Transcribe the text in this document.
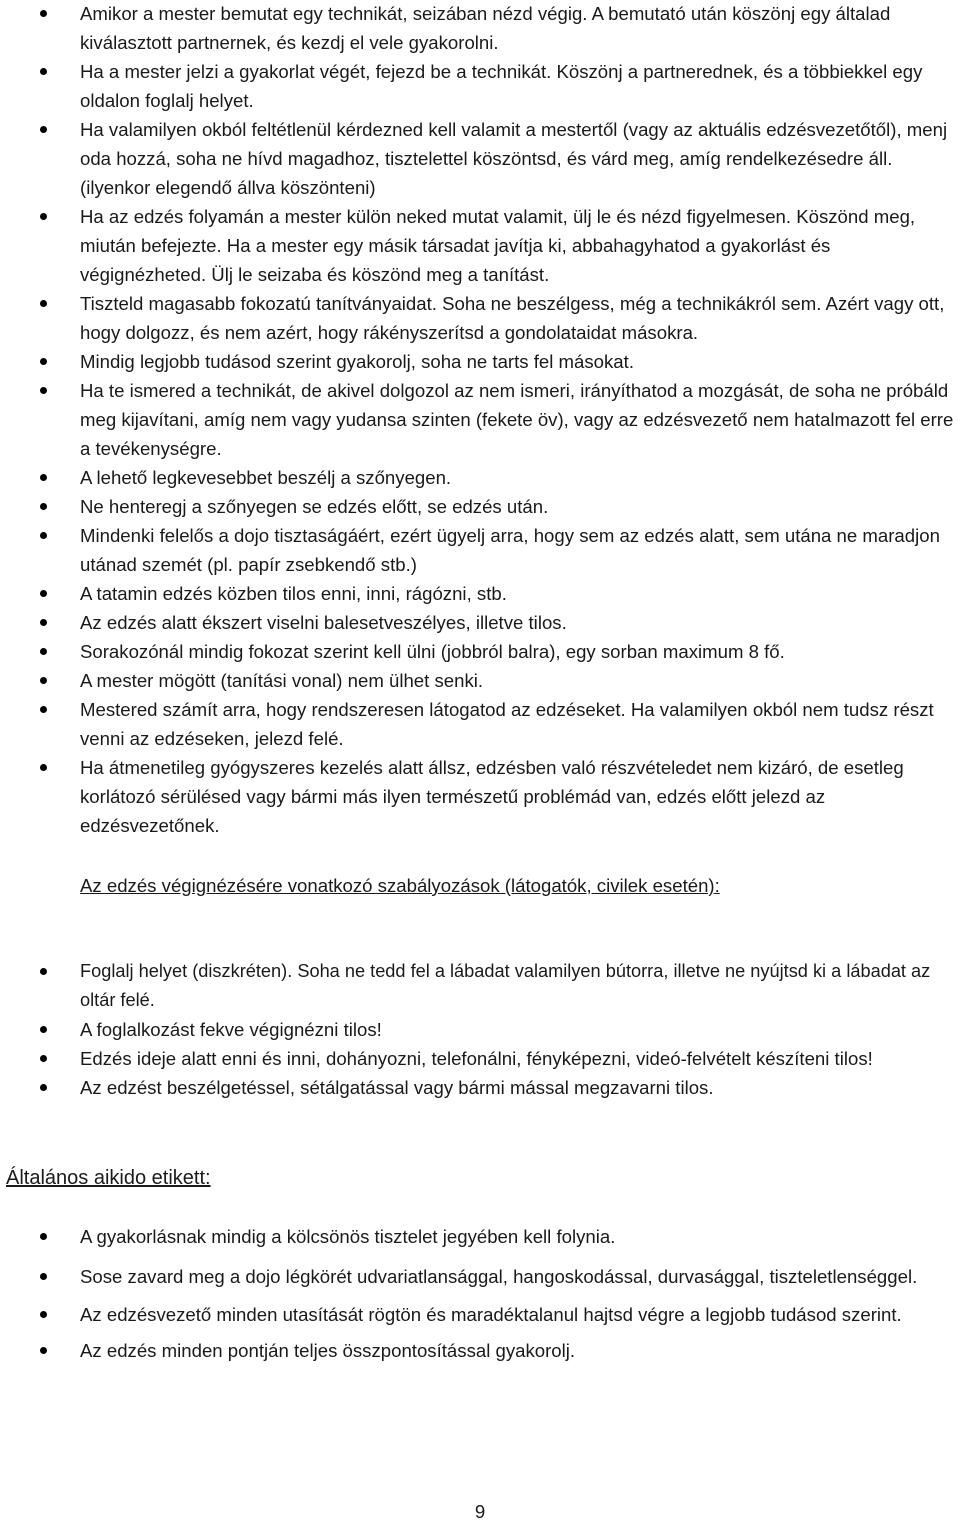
Amikor a mester bemutat egy technikát, seizában nézd végig. A bemutató után köszönj egy általad kiválasztott partnernek, és kezdj el vele gyakorolni.
Ha a mester jelzi a gyakorlat végét, fejezd be a technikát. Köszönj a partnerednek, és a többiekkel egy oldalon foglalj helyet.
Ha valamilyen okból feltétlenül kérdezned kell valamit a mestertől (vagy az aktuális edzésvezetőtől), menj oda hozzá, soha ne hívd magadhoz, tisztelettel köszöntsd, és várd meg, amíg rendelkezésedre áll. (ilyenkor elegendő állva köszönteni)
Ha az edzés folyamán a mester külön neked mutat valamit, ülj le és nézd figyelmesen. Köszönd meg, miután befejezte. Ha a mester egy másik társadat javítja ki, abbahagyhatod a gyakorlást és végignézheted. Ülj le seizaba és köszönd meg a tanítást.
Tiszteld magasabb fokozatú tanítványaidat. Soha ne beszélgess, még a technikákról sem. Azért vagy ott, hogy dolgozz, és nem azért, hogy rákényszerítsd a gondolataidat másokra.
Mindig legjobb tudásod szerint gyakorolj, soha ne tarts fel másokat.
Ha te ismered a technikát, de akivel dolgozol az nem ismeri, irányíthatod a mozgását, de soha ne próbáld meg kijavítani, amíg nem vagy yudansa szinten (fekete öv), vagy az edzésvezető nem hatalmazott fel erre a tevékenységre.
A lehető legkevesebbet beszélj a szőnyegen.
Ne henteregj a szőnyegen se edzés előtt, se edzés után.
Mindenki felelős a dojo tisztaságáért, ezért ügyelj arra, hogy sem az edzés alatt, sem utána ne maradjon utánad szemét (pl. papír zsebkendő stb.)
A tatamin edzés közben tilos enni, inni, rágózni, stb.
Az edzés alatt ékszert viselni balesetveszélyes, illetve tilos.
Sorakozónál mindig fokozat szerint kell ülni (jobbról balra), egy sorban maximum 8 fő.
A mester mögött (tanítási vonal) nem ülhet senki.
Mestered számít arra, hogy rendszeresen látogatod az edzéseket. Ha valamilyen okból nem tudsz részt venni az edzéseken, jelezd felé.
Ha átmenetileg gyógyszeres kezelés alatt állsz, edzésben való részvételedet nem kizáró, de esetleg korlátozó sérülésed vagy bármi más ilyen természetű problémád van, edzés előtt jelezd az edzésvezetőnek.
Az edzés végignézésére vonatkozó szabályozások (látogatók, civilek esetén):
Foglalj helyet (diszkréten). Soha ne tedd fel a lábadat valamilyen bútorra, illetve ne nyújtsd ki a lábadat az oltár felé.
A foglalkozást fekve végignézni tilos!
Edzés ideje alatt enni és inni, dohányozni, telefonálni, fényképezni, videó-felvételt készíteni tilos!
Az edzést beszélgetéssel, sétálgatással vagy bármi mással megzavarni tilos.
Általános aikido etikett:
A gyakorlásnak mindig a kölcsönös tisztelet jegyében kell folynia.
Sose zavard meg a dojo légkörét udvariatlansággal, hangoskodással, durvasággal, tiszteletlenséggel.
Az edzésvezető minden utasítását rögtön és maradéktalanul hajtsd végre a legjobb tudásod szerint.
Az edzés minden pontján teljes összpontosítással gyakorolj.
9
